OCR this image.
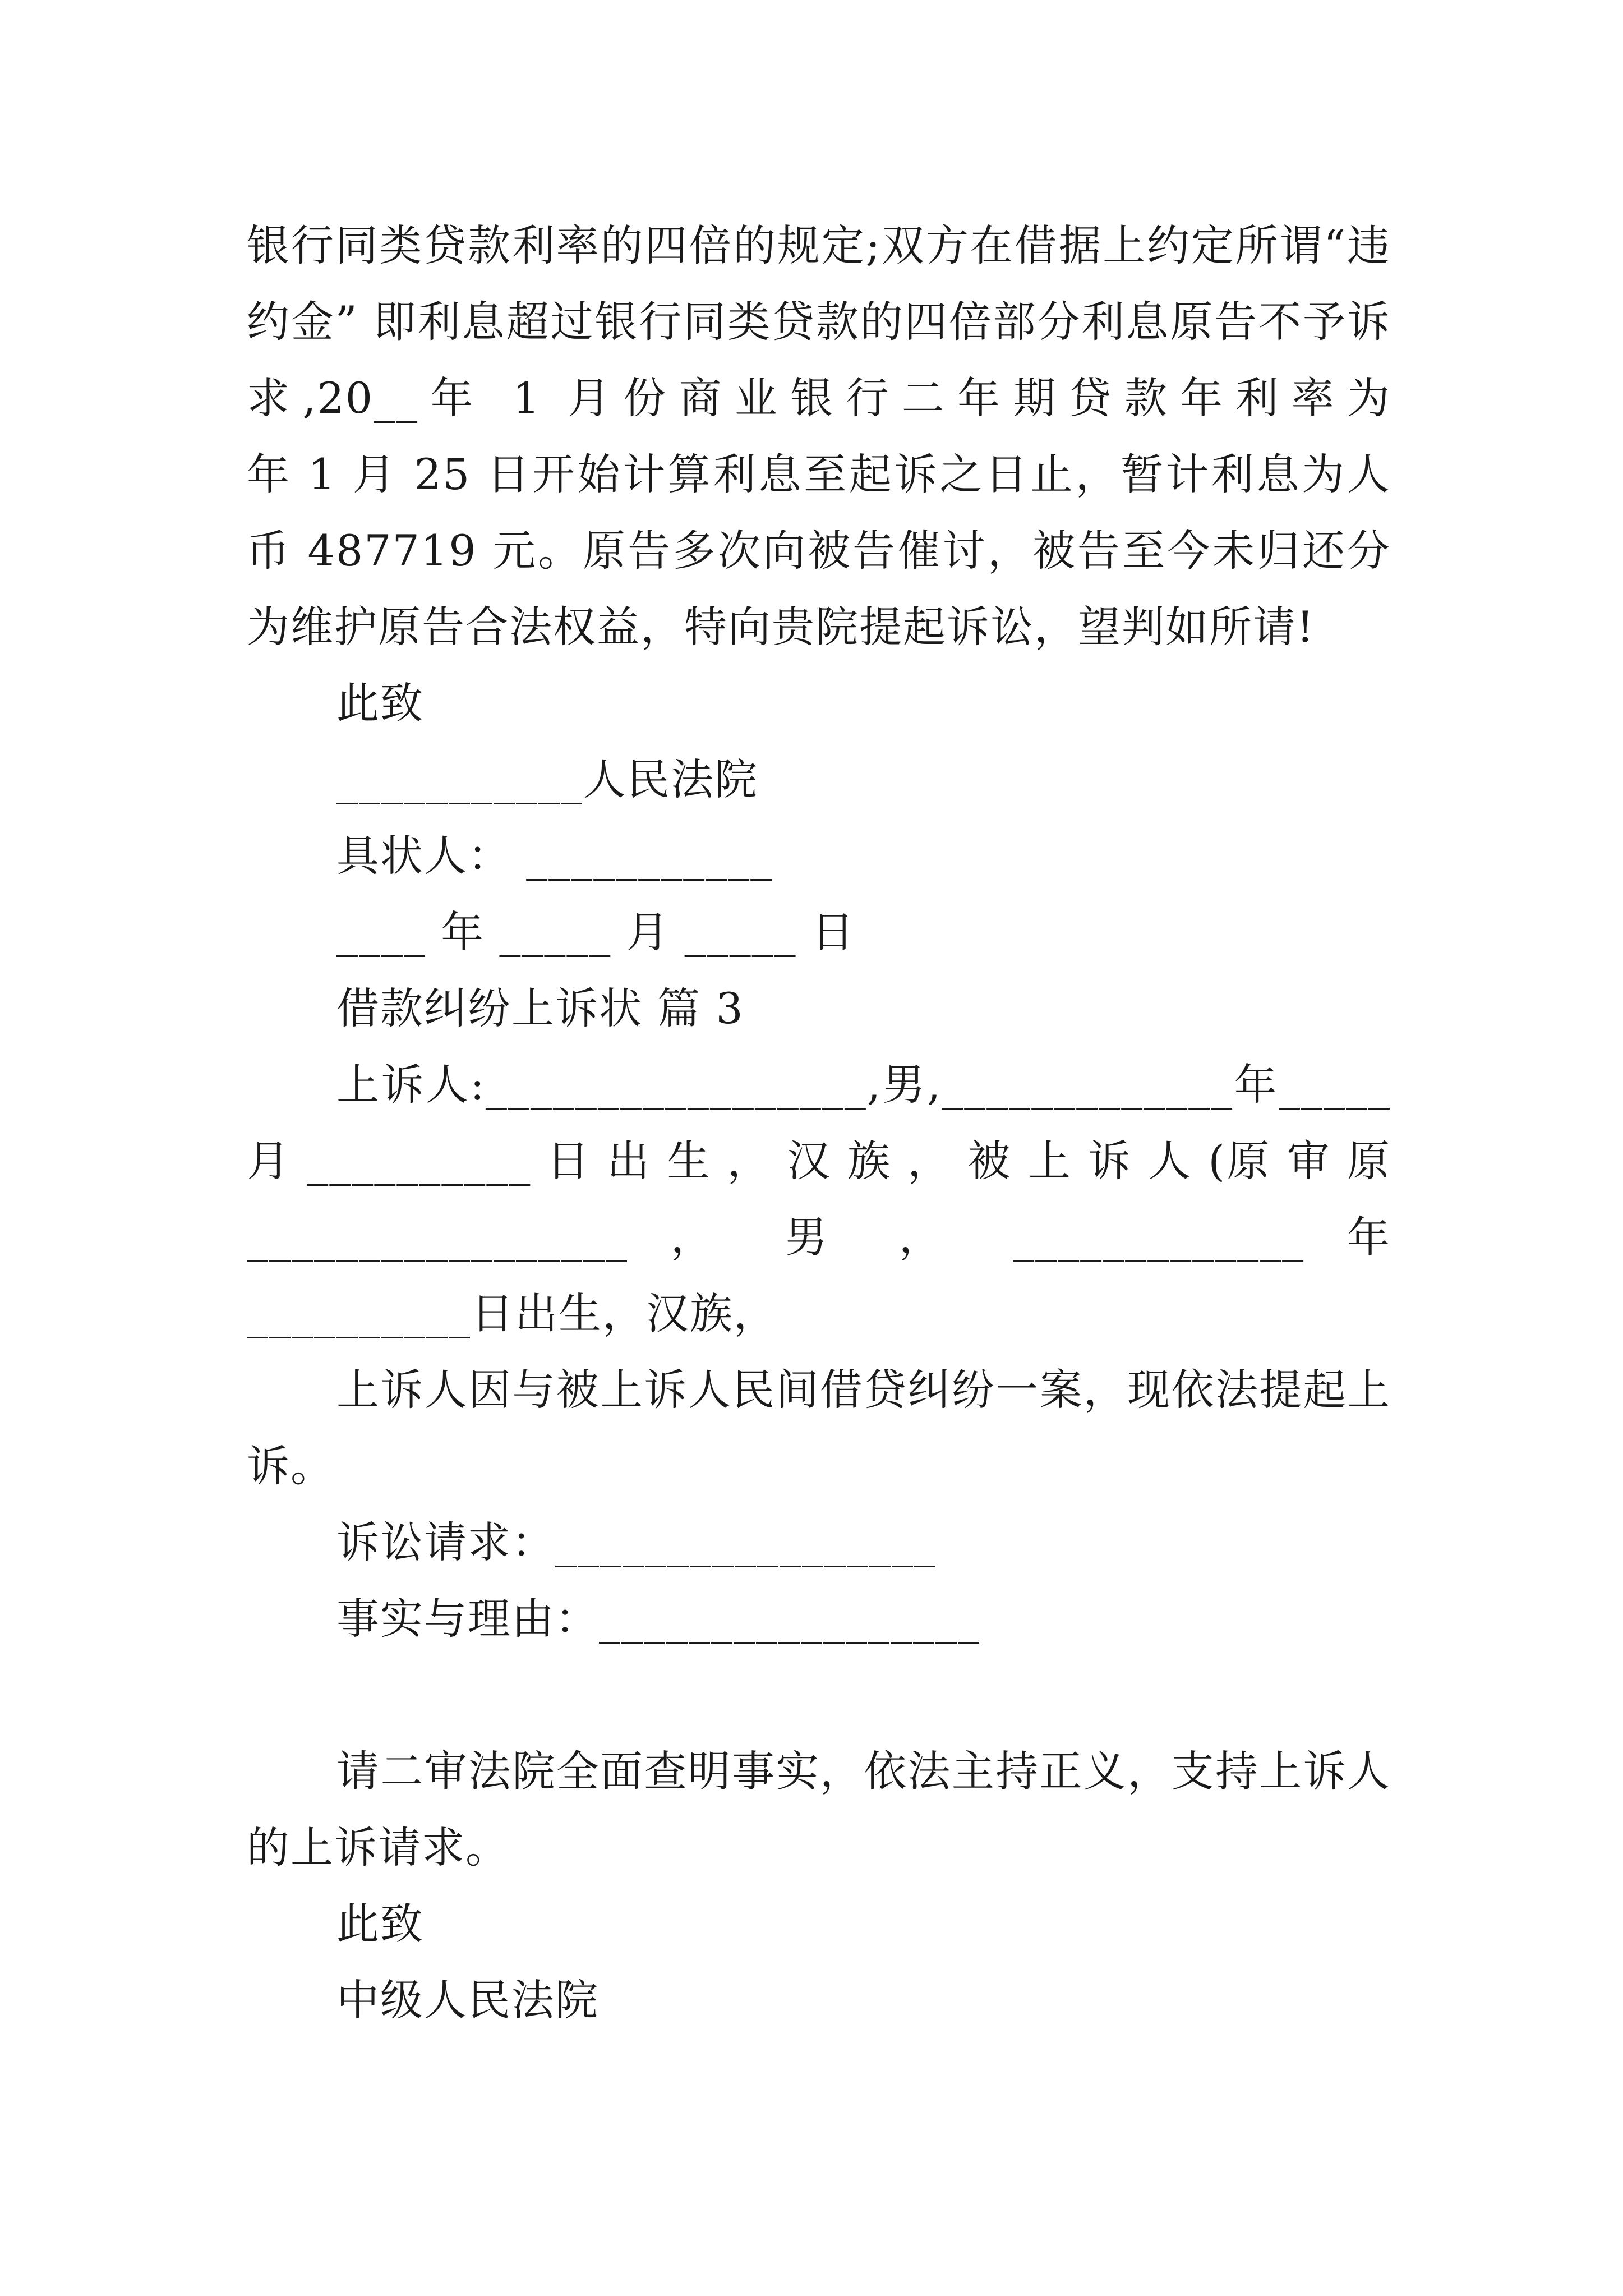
银行同类贷款利率的四倍的规定;双方在借据上约定所谓“违
约金” 即利息超过银行同类贷款的四倍部分利息原告不予诉
求,20__年 1 月份商业银行二年期贷款年利率为
年 1 月 25 日开始计算利息至起诉之日止，暂计利息为人
币 487719 元。原告多次向被告催讨，被告至今未归还分
为维护原告合法权益，特向贵院提起诉讼，望判如所请!
此致
___________人民法院
具状人： ___________
____ 年 _____ 月 _____ 日
借款纠纷上诉状 篇 3
上诉人:_________________,男,_____________年_____
月 __________ 日 出 生 ， 汉 族 ， 被 上 诉 人 (原 审 原
_________________ ， 男 ， _____________ 年
__________日出生，汉族，
上诉人因与被上诉人民间借贷纠纷一案，现依法提起上
诉。
诉讼请求：_________________
事实与理由：_________________
请二审法院全面查明事实，依法主持正义，支持上诉人
的上诉请求。
此致
中级人民法院
